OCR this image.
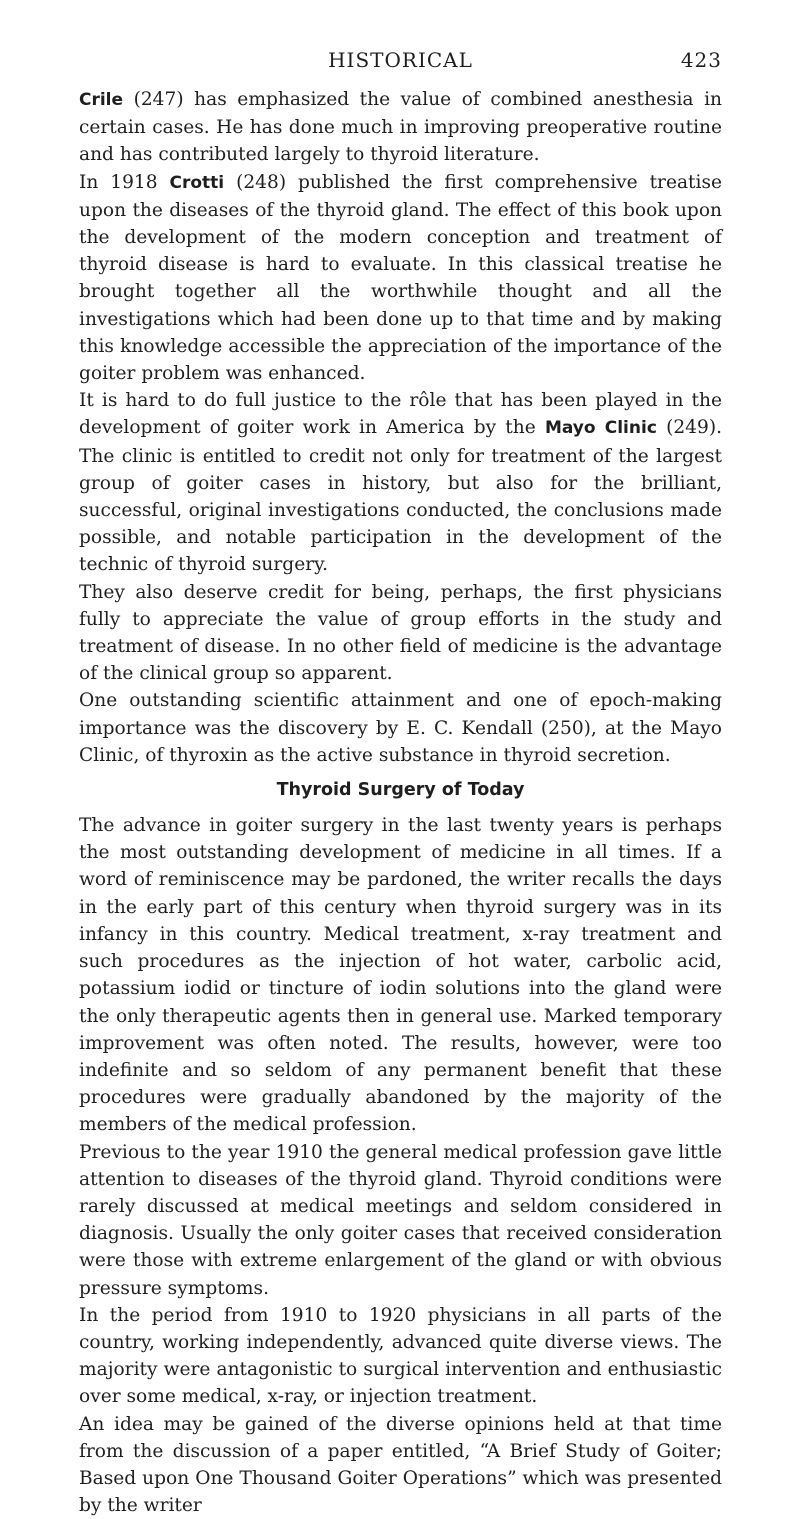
HISTORICAL	423

Crile (247) has emphasized the value of combined anesthesia in certain cases. He has done much in improving preoperative routine and has contributed largely to thyroid literature.

In 1918 Crotti (248) published the first comprehensive treatise upon the diseases of the thyroid gland. The effect of this book upon the development of the modern conception and treatment of thyroid disease is hard to evaluate. In this classical treatise he brought together all the worthwhile thought and all the investigations which had been done up to that time and by making this knowledge accessible the appreciation of the importance of the goiter problem was enhanced.

It is hard to do full justice to the rôle that has been played in the development of goiter work in America by the Mayo Clinic (249). The clinic is entitled to credit not only for treatment of the largest group of goiter cases in history, but also for the brilliant, successful, original investigations conducted, the conclusions made possible, and notable participation in the development of the technic of thyroid surgery.

They also deserve credit for being, perhaps, the first physicians fully to appreciate the value of group efforts in the study and treatment of disease. In no other field of medicine is the advantage of the clinical group so apparent.

One outstanding scientific attainment and one of epoch-making importance was the discovery by E. C. Kendall (250), at the Mayo Clinic, of thyroxin as the active substance in thyroid secretion.

Thyroid Surgery of Today

The advance in goiter surgery in the last twenty years is perhaps the most outstanding development of medicine in all times. If a word of reminiscence may be pardoned, the writer recalls the days in the early part of this century when thyroid surgery was in its infancy in this country. Medical treatment, x-ray treatment and such procedures as the injection of hot water, carbolic acid, potassium iodid or tincture of iodin solutions into the gland were the only therapeutic agents then in general use. Marked temporary improvement was often noted. The results, however, were too indefinite and so seldom of any permanent benefit that these procedures were gradually abandoned by the majority of the members of the medical profession.

Previous to the year 1910 the general medical profession gave little attention to diseases of the thyroid gland. Thyroid conditions were rarely discussed at medical meetings and seldom considered in diagnosis. Usually the only goiter cases that received consideration were those with extreme enlargement of the gland or with obvious pressure symptoms.

In the period from 1910 to 1920 physicians in all parts of the country, working independently, advanced quite diverse views. The majority were antagonistic to surgical intervention and enthusiastic over some medical, x-ray, or injection treatment.

An idea may be gained of the diverse opinions held at that time from the discussion of a paper entitled, “A Brief Study of Goiter; Based upon One Thousand Goiter Operations” which was presented by the writer
